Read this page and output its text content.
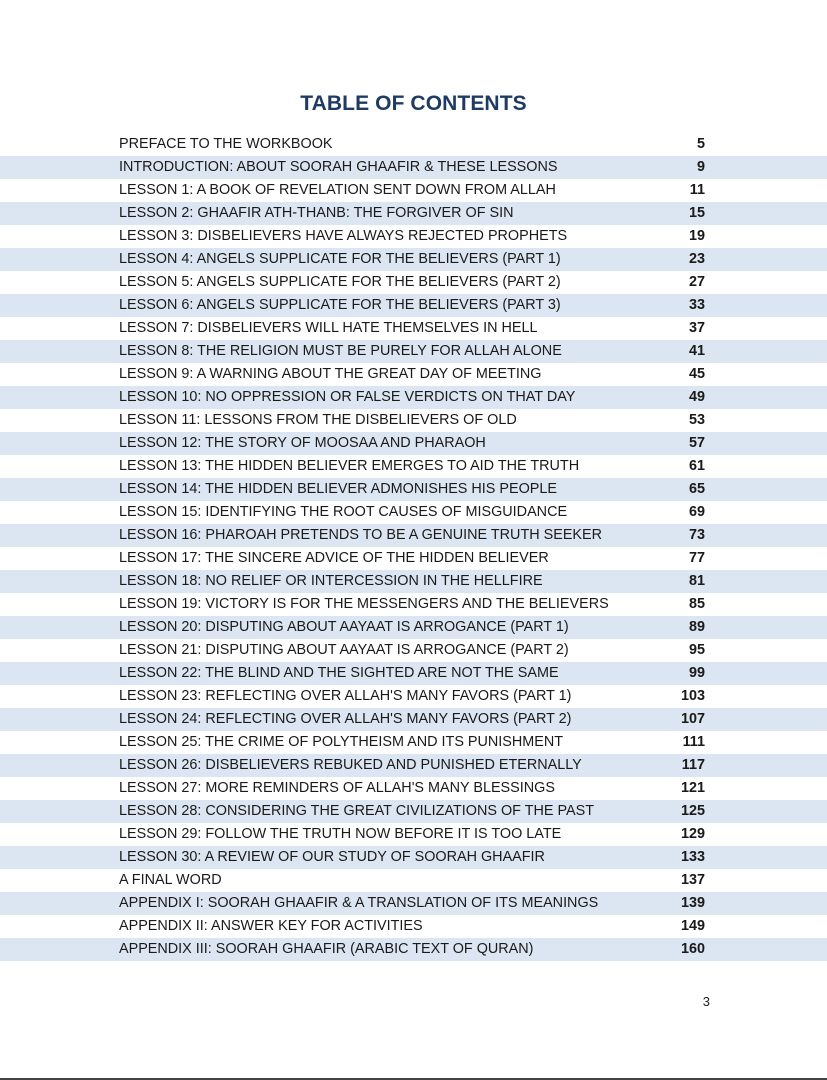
TABLE OF CONTENTS
PREFACE TO THE WORKBOOK	5
INTRODUCTION: ABOUT SOORAH GHAAFIR & THESE LESSONS	9
LESSON 1: A BOOK OF REVELATION SENT DOWN FROM ALLAH	11
LESSON 2: GHAAFIR ATH-THANB: THE FORGIVER OF SIN	15
LESSON 3: DISBELIEVERS HAVE ALWAYS REJECTED PROPHETS	19
LESSON 4: ANGELS SUPPLICATE FOR THE BELIEVERS (PART 1)	23
LESSON 5: ANGELS SUPPLICATE FOR THE BELIEVERS (PART 2)	27
LESSON 6: ANGELS SUPPLICATE FOR THE BELIEVERS (PART 3)	33
LESSON 7: DISBELIEVERS WILL HATE THEMSELVES IN HELL	37
LESSON 8: THE RELIGION MUST BE PURELY FOR ALLAH ALONE	41
LESSON 9: A WARNING ABOUT THE GREAT DAY OF MEETING	45
LESSON 10: NO OPPRESSION OR FALSE VERDICTS ON THAT DAY	49
LESSON 11: LESSONS FROM THE DISBELIEVERS OF OLD	53
LESSON 12: THE STORY OF MOOSAA AND PHARAOH	57
LESSON 13: THE HIDDEN BELIEVER EMERGES TO AID THE TRUTH	61
LESSON 14: THE HIDDEN BELIEVER ADMONISHES HIS PEOPLE	65
LESSON 15: IDENTIFYING THE ROOT CAUSES OF MISGUIDANCE	69
LESSON 16: PHAROAH PRETENDS TO BE A GENUINE TRUTH SEEKER	73
LESSON 17: THE SINCERE ADVICE OF THE HIDDEN BELIEVER	77
LESSON 18: NO RELIEF OR INTERCESSION IN THE HELLFIRE	81
LESSON 19: VICTORY IS FOR THE MESSENGERS AND THE BELIEVERS	85
LESSON 20: DISPUTING ABOUT AAYAAT IS ARROGANCE (PART 1)	89
LESSON 21: DISPUTING ABOUT AAYAAT IS ARROGANCE (PART 2)	95
LESSON 22: THE BLIND AND THE SIGHTED ARE NOT THE SAME	99
LESSON 23: REFLECTING OVER ALLAH'S MANY FAVORS (PART 1)	103
LESSON 24: REFLECTING OVER ALLAH'S MANY FAVORS (PART 2)	107
LESSON 25: THE CRIME OF POLYTHEISM AND ITS PUNISHMENT	111
LESSON 26: DISBELIEVERS REBUKED AND PUNISHED ETERNALLY	117
LESSON 27: MORE REMINDERS OF ALLAH'S MANY BLESSINGS	121
LESSON 28: CONSIDERING THE GREAT CIVILIZATIONS OF THE PAST	125
LESSON 29: FOLLOW THE TRUTH NOW BEFORE IT IS TOO LATE	129
LESSON 30: A REVIEW OF OUR STUDY OF SOORAH GHAAFIR	133
A FINAL WORD	137
APPENDIX I: SOORAH GHAAFIR & A TRANSLATION OF ITS MEANINGS	139
APPENDIX II: ANSWER KEY FOR ACTIVITIES	149
APPENDIX III: SOORAH GHAAFIR (ARABIC TEXT OF QURAN)	160
3
